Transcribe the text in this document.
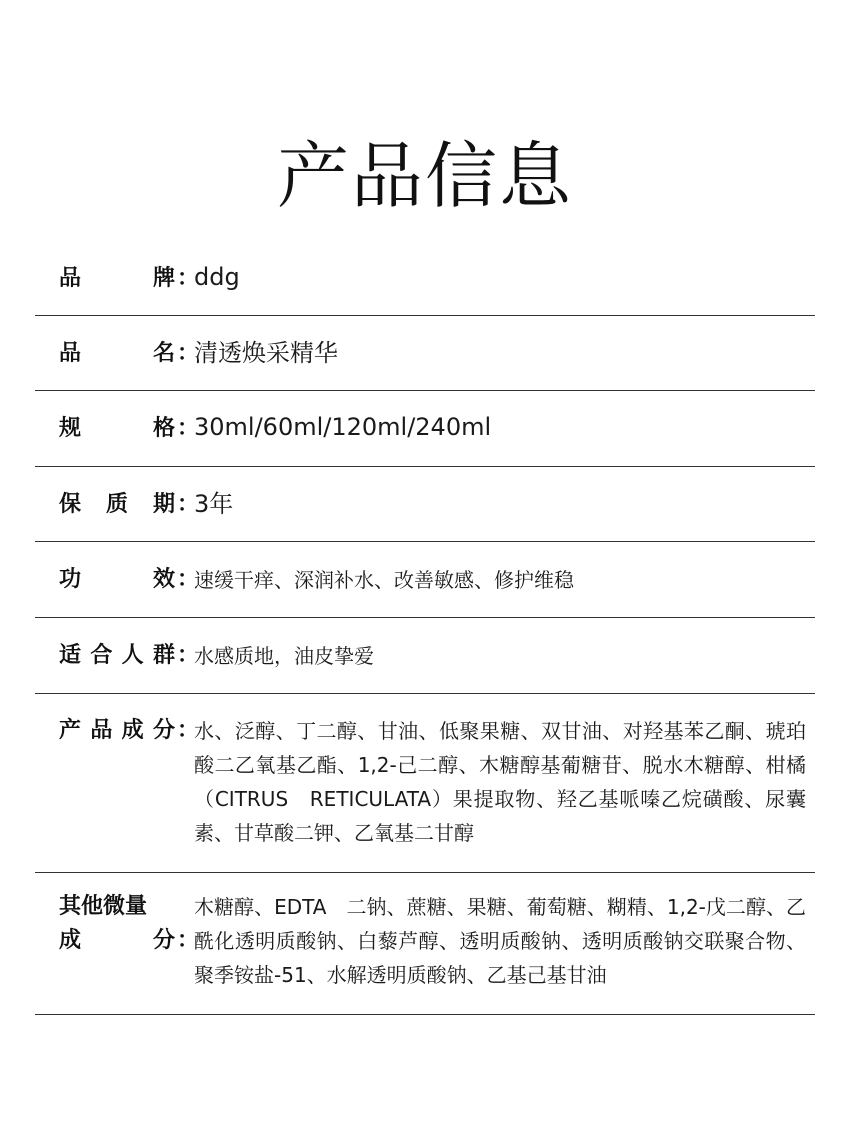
产品信息
品	牌 ：
ddg
品	名 ：
清透焕采精华
规	格 ：
30ml/60ml/120ml/240ml
保 质 期 ：
3年
功	效 ：
速缓干痒、深润补水、改善敏感、修护维稳
适 合 人 群 ：
水感质地，油皮挚爱
产 品 成 分 ：
水、泛醇、丁二醇、甘油、低聚果糖、双甘油、对羟基苯乙酮、琥珀酸二乙氧基乙酯、1,2-己二醇、木糖醇基葡糖苷、脱水木糖醇、柑橘（CITRUS　RETICULATA）果提取物、羟乙基哌嗪乙烷磺酸、尿囊素、甘草酸二钾、乙氧基二甘醇
其他微量
成	分 ：
木糖醇、EDTA　二钠、蔗糖、果糖、葡萄糖、糊精、1,2-戊二醇、乙酰化透明质酸钠、白藜芦醇、透明质酸钠、透明质酸钠交联聚合物、聚季铵盐-51、水解透明质酸钠、乙基己基甘油
